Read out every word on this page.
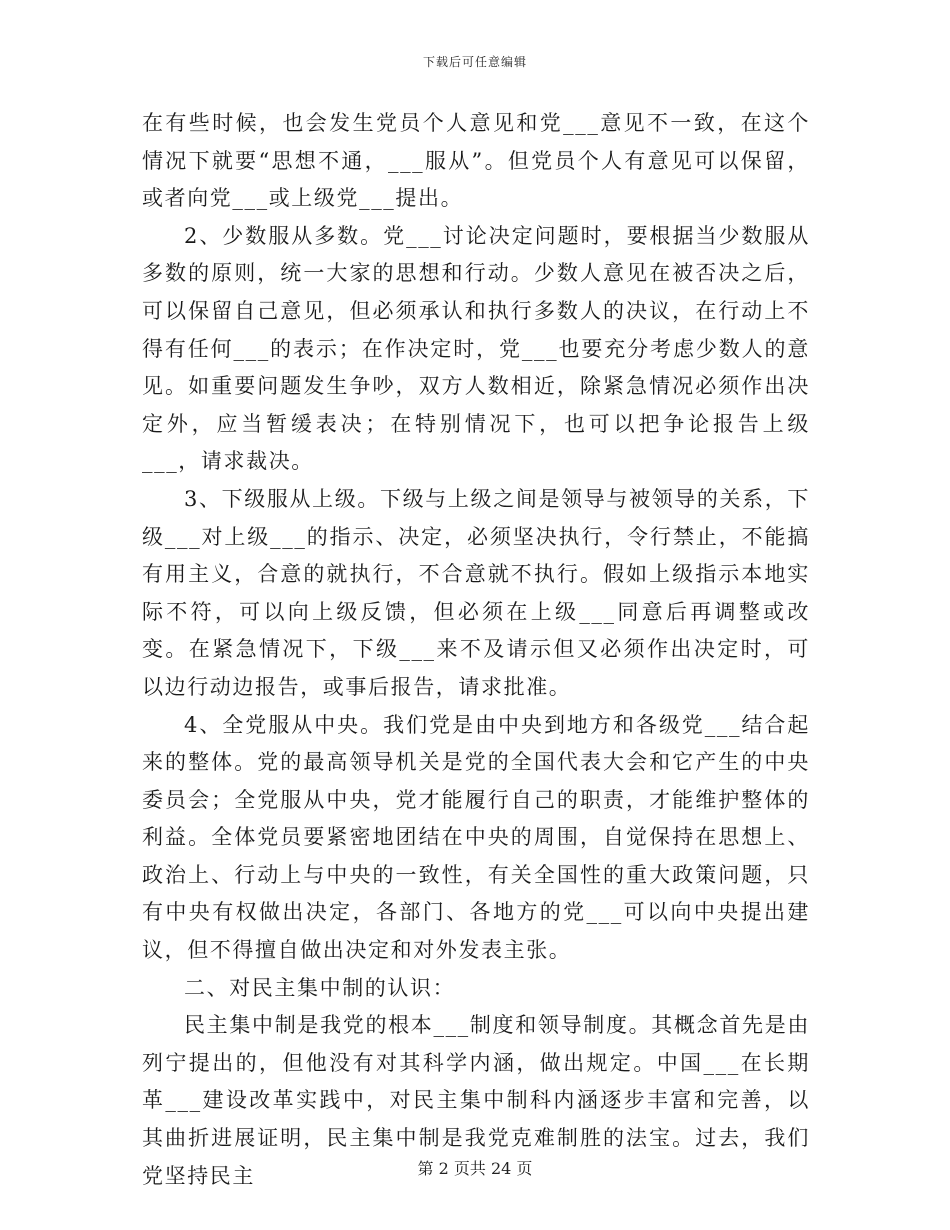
下载后可任意编辑

在有些时候，也会发生党员个人意见和党___意见不一致，在这个情况下就要“思想不通，___服从”。但党员个人有意见可以保留，或者向党___或上级党___提出。

2、少数服从多数。党___讨论决定问题时，要根据当少数服从多数的原则，统一大家的思想和行动。少数人意见在被否决之后，可以保留自己意见，但必须承认和执行多数人的决议，在行动上不得有任何___的表示；在作决定时，党___也要充分考虑少数人的意见。如重要问题发生争吵，双方人数相近，除紧急情况必须作出决定外，应当暂缓表决；在特别情况下，也可以把争论报告上级___，请求裁决。

3、下级服从上级。下级与上级之间是领导与被领导的关系，下级___对上级___的指示、决定，必须坚决执行，令行禁止，不能搞有用主义，合意的就执行，不合意就不执行。假如上级指示本地实际不符，可以向上级反馈，但必须在上级___同意后再调整或改变。在紧急情况下，下级___来不及请示但又必须作出决定时，可以边行动边报告，或事后报告，请求批准。

4、全党服从中央。我们党是由中央到地方和各级党___结合起来的整体。党的最高领导机关是党的全国代表大会和它产生的中央委员会；全党服从中央，党才能履行自己的职责，才能维护整体的利益。全体党员要紧密地团结在中央的周围，自觉保持在思想上、政治上、行动上与中央的一致性，有关全国性的重大政策问题，只有中央有权做出决定，各部门、各地方的党___可以向中央提出建议，但不得擅自做出决定和对外发表主张。

二、对民主集中制的认识：

民主集中制是我党的根本___制度和领导制度。其概念首先是由列宁提出的，但他没有对其科学内涵，做出规定。中国___在长期革___建设改革实践中，对民主集中制科内涵逐步丰富和完善，以其曲折进展证明，民主集中制是我党克难制胜的法宝。过去，我们党坚持民主	第 2 页共 24 页
